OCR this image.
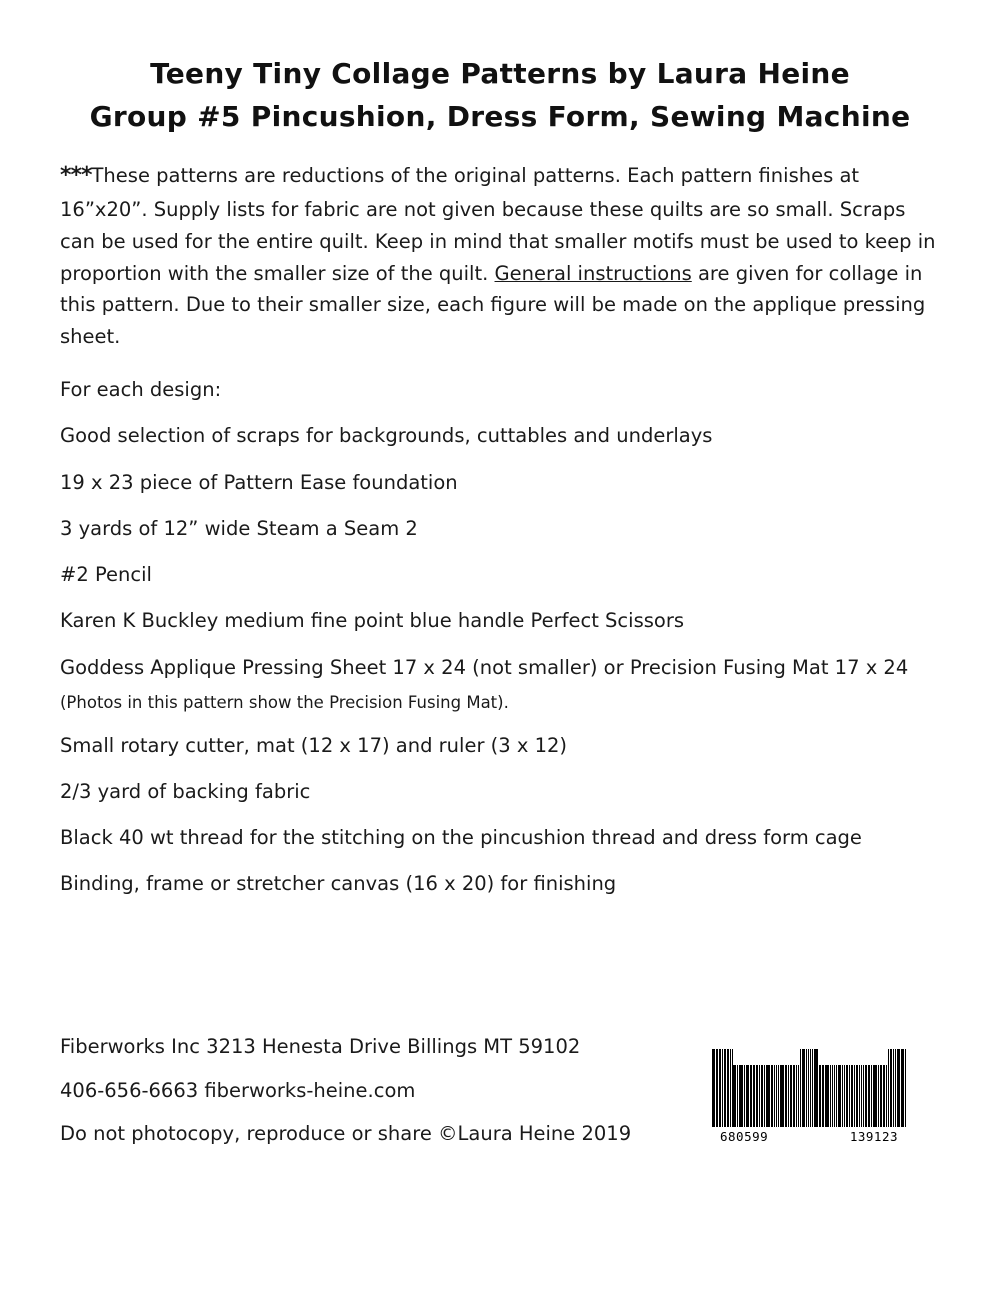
Teeny Tiny Collage Patterns by Laura Heine
Group #5 Pincushion, Dress Form, Sewing Machine

***These patterns are reductions of the original patterns. Each pattern finishes at 16”x20”. Supply lists for fabric are not given because these quilts are so small. Scraps can be used for the entire quilt. Keep in mind that smaller motifs must be used to keep in proportion with the smaller size of the quilt. General instructions are given for collage in this pattern. Due to their smaller size, each figure will be made on the applique pressing sheet.

For each design:
Good selection of scraps for backgrounds, cuttables and underlays
19 x 23 piece of Pattern Ease foundation
3 yards of 12” wide Steam a Seam 2
#2 Pencil
Karen K Buckley medium fine point blue handle Perfect Scissors
Goddess Applique Pressing Sheet 17 x 24 (not smaller) or Precision Fusing Mat 17 x 24
(Photos in this pattern show the Precision Fusing Mat).
Small rotary cutter, mat (12 x 17) and ruler (3 x 12)
2/3 yard of backing fabric
Black 40 wt thread for the stitching on the pincushion thread and dress form cage
Binding, frame or stretcher canvas (16 x 20) for finishing
Fiberworks Inc 3213 Henesta Drive Billings MT 59102
406-656-6663 fiberworks-heine.com
Do not photocopy, reproduce or share ©Laura Heine 2019	680599	139123
